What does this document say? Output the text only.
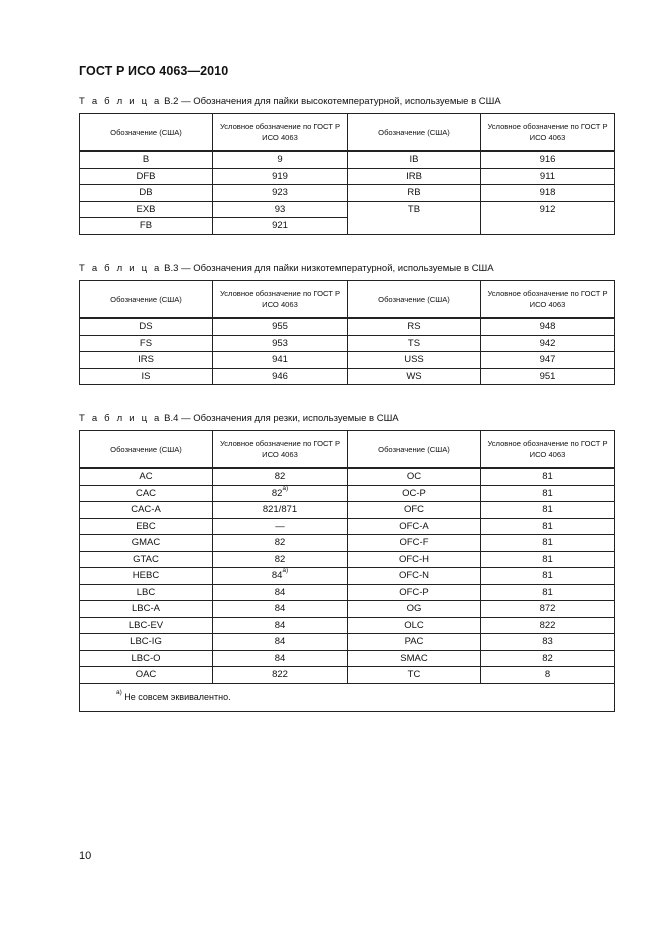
ГОСТ Р ИСО 4063—2010
Т а б л и ц а В.2 — Обозначения для пайки высокотемпературной, используемые в США
Обозначение (США)	Условное обозначение по ГОСТ Р ИСО 4063	Обозначение (США)	Условное обозначение по ГОСТ Р ИСО 4063
B	9	IB	916
DFB	919	IRB	911
DB	923	RB	918
EXB	93	TB	912
FB	921		
Т а б л и ц а В.3 — Обозначения для пайки низкотемпературной, используемые в США
Обозначение (США)	Условное обозначение по ГОСТ Р ИСО 4063	Обозначение (США)	Условное обозначение по ГОСТ Р ИСО 4063
DS	955	RS	948
FS	953	TS	942
IRS	941	USS	947
IS	946	WS	951
Т а б л и ц а В.4 — Обозначения для резки, используемые в США
Обозначение (США)	Условное обозначение по ГОСТ Р ИСО 4063	Обозначение (США)	Условное обозначение по ГОСТ Р ИСО 4063
AC	82	OC	81
CAC	82$^{a)}$	OC-P	81
CAC-A	821/871	OFC	81
EBC	—	OFC-A	81
GMAC	82	OFC-F	81
GTAC	82	OFC-H	81
HEBC	84$^{a)}$	OFC-N	81
LBC	84	OFC-P	81
LBC-A	84	OG	872
LBC-EV	84	OLC	822
LBC-IG	84	PAC	83
LBC-O	84	SMAC	82
OAC	822	TC	8
$^{a)}$ Не совсем эквивалентно.			
10
